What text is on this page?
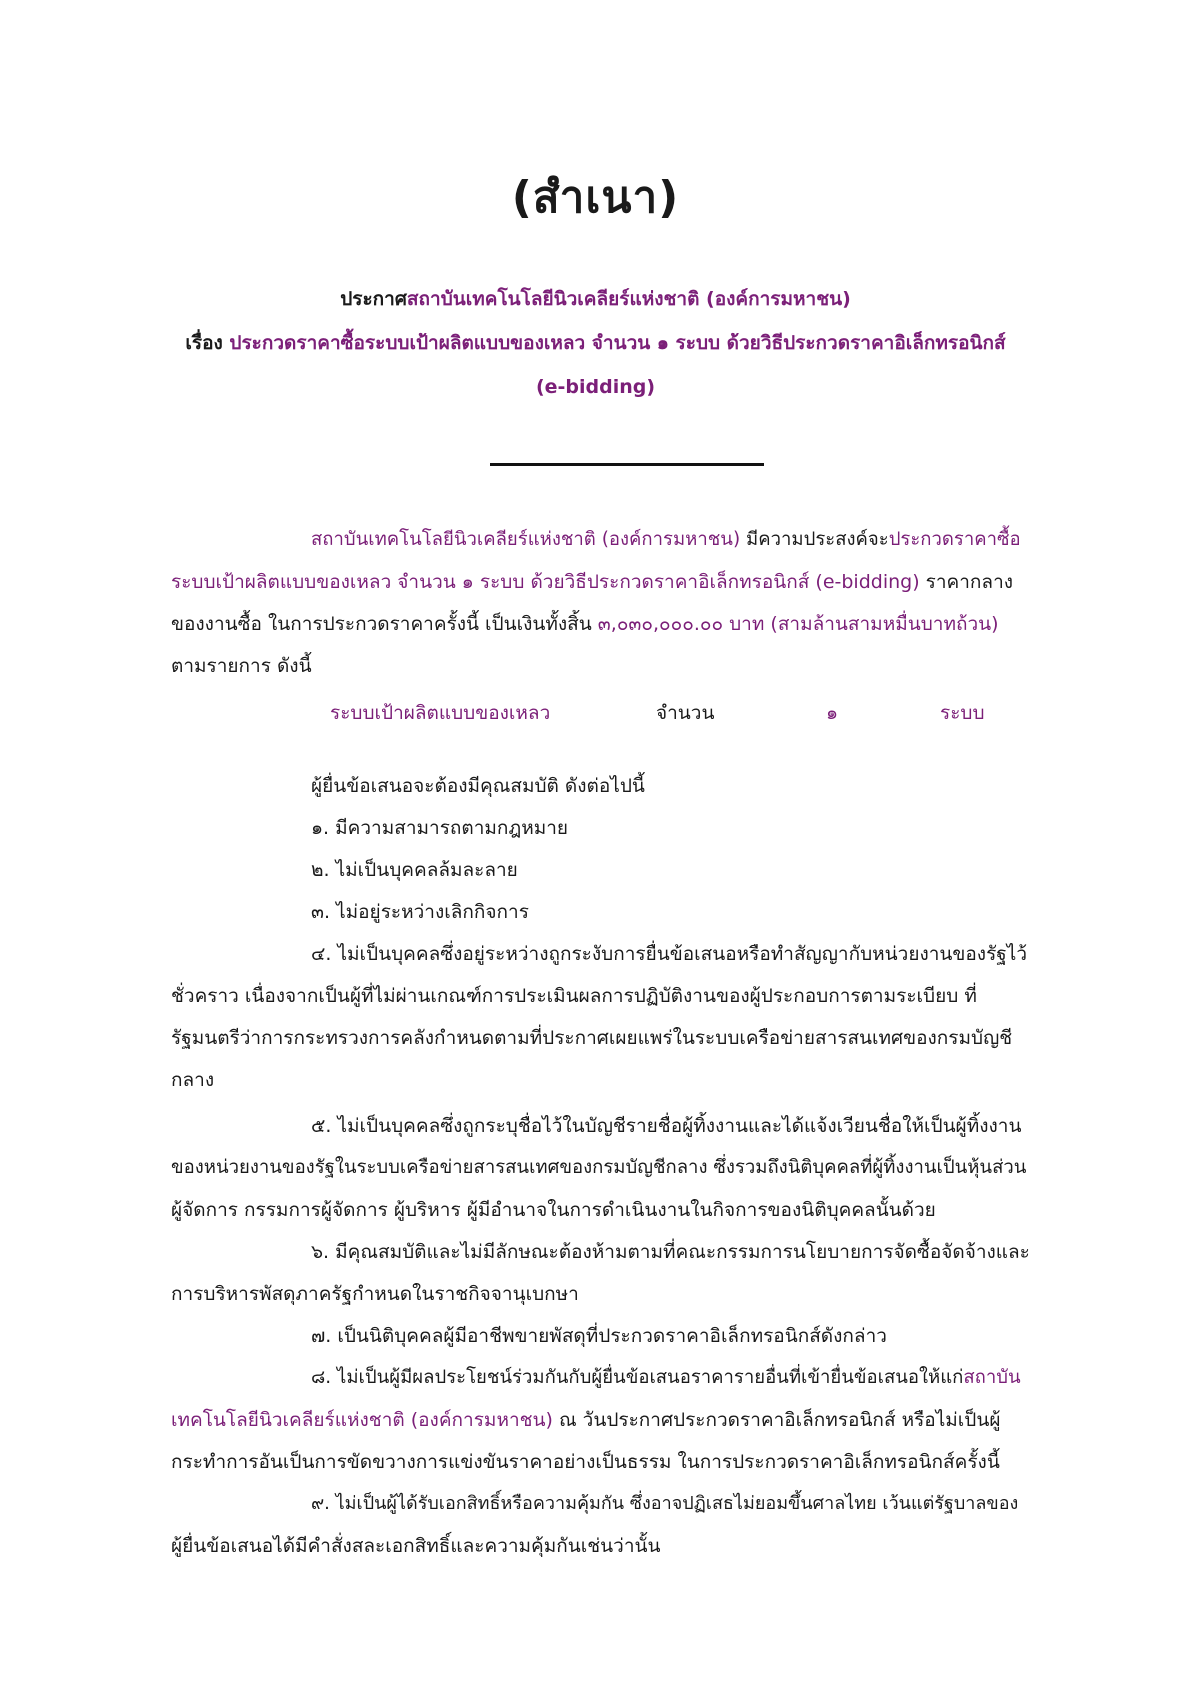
(สำเนา)
ประกาศสถาบันเทคโนโลยีนิวเคลียร์แห่งชาติ (องค์การมหาชน)
เรื่อง ประกวดราคาซื้อระบบเป้าผลิตแบบของเหลว จำนวน ๑ ระบบ ด้วยวิธีประกวดราคาอิเล็กทรอนิกส์
(e-bidding)
สถาบันเทคโนโลยีนิวเคลียร์แห่งชาติ (องค์การมหาชน) มีความประสงค์จะประกวดราคาซื้อ
ระบบเป้าผลิตแบบของเหลว จำนวน ๑ ระบบ ด้วยวิธีประกวดราคาอิเล็กทรอนิกส์ (e-bidding) ราคากลาง
ของงานซื้อ ในการประกวดราคาครั้งนี้ เป็นเงินทั้งสิ้น ๓,๐๓๐,๐๐๐.๐๐ บาท (สามล้านสามหมื่นบาทถ้วน)
ตามรายการ ดังนี้
ระบบเป้าผลิตแบบของเหลว	จำนวน	๑	ระบบ
ผู้ยื่นข้อเสนอจะต้องมีคุณสมบัติ ดังต่อไปนี้
๑. มีความสามารถตามกฎหมาย
๒. ไม่เป็นบุคคลล้มละลาย
๓. ไม่อยู่ระหว่างเลิกกิจการ
๔. ไม่เป็นบุคคลซึ่งอยู่ระหว่างถูกระงับการยื่นข้อเสนอหรือทำสัญญากับหน่วยงานของรัฐไว้
ชั่วคราว เนื่องจากเป็นผู้ที่ไม่ผ่านเกณฑ์การประเมินผลการปฏิบัติงานของผู้ประกอบการตามระเบียบ ที่
รัฐมนตรีว่าการกระทรวงการคลังกำหนดตามที่ประกาศเผยแพร่ในระบบเครือข่ายสารสนเทศของกรมบัญชี
กลาง
๕. ไม่เป็นบุคคลซึ่งถูกระบุชื่อไว้ในบัญชีรายชื่อผู้ทิ้งงานและได้แจ้งเวียนชื่อให้เป็นผู้ทิ้งงาน
ของหน่วยงานของรัฐในระบบเครือข่ายสารสนเทศของกรมบัญชีกลาง ซึ่งรวมถึงนิติบุคคลที่ผู้ทิ้งงานเป็นหุ้นส่วน
ผู้จัดการ กรรมการผู้จัดการ ผู้บริหาร ผู้มีอำนาจในการดำเนินงานในกิจการของนิติบุคคลนั้นด้วย
๖. มีคุณสมบัติและไม่มีลักษณะต้องห้ามตามที่คณะกรรมการนโยบายการจัดซื้อจัดจ้างและ
การบริหารพัสดุภาครัฐกำหนดในราชกิจจานุเบกษา
๗. เป็นนิติบุคคลผู้มีอาชีพขายพัสดุที่ประกวดราคาอิเล็กทรอนิกส์ดังกล่าว
๘. ไม่เป็นผู้มีผลประโยชน์ร่วมกันกับผู้ยื่นข้อเสนอราคารายอื่นที่เข้ายื่นข้อเสนอให้แก่สถาบัน
เทคโนโลยีนิวเคลียร์แห่งชาติ (องค์การมหาชน) ณ วันประกาศประกวดราคาอิเล็กทรอนิกส์ หรือไม่เป็นผู้
กระทำการอันเป็นการขัดขวางการแข่งขันราคาอย่างเป็นธรรม ในการประกวดราคาอิเล็กทรอนิกส์ครั้งนี้
๙. ไม่เป็นผู้ได้รับเอกสิทธิ์หรือความคุ้มกัน ซึ่งอาจปฏิเสธไม่ยอมขึ้นศาลไทย เว้นแต่รัฐบาลของ
ผู้ยื่นข้อเสนอได้มีคำสั่งสละเอกสิทธิ์และความคุ้มกันเช่นว่านั้น
